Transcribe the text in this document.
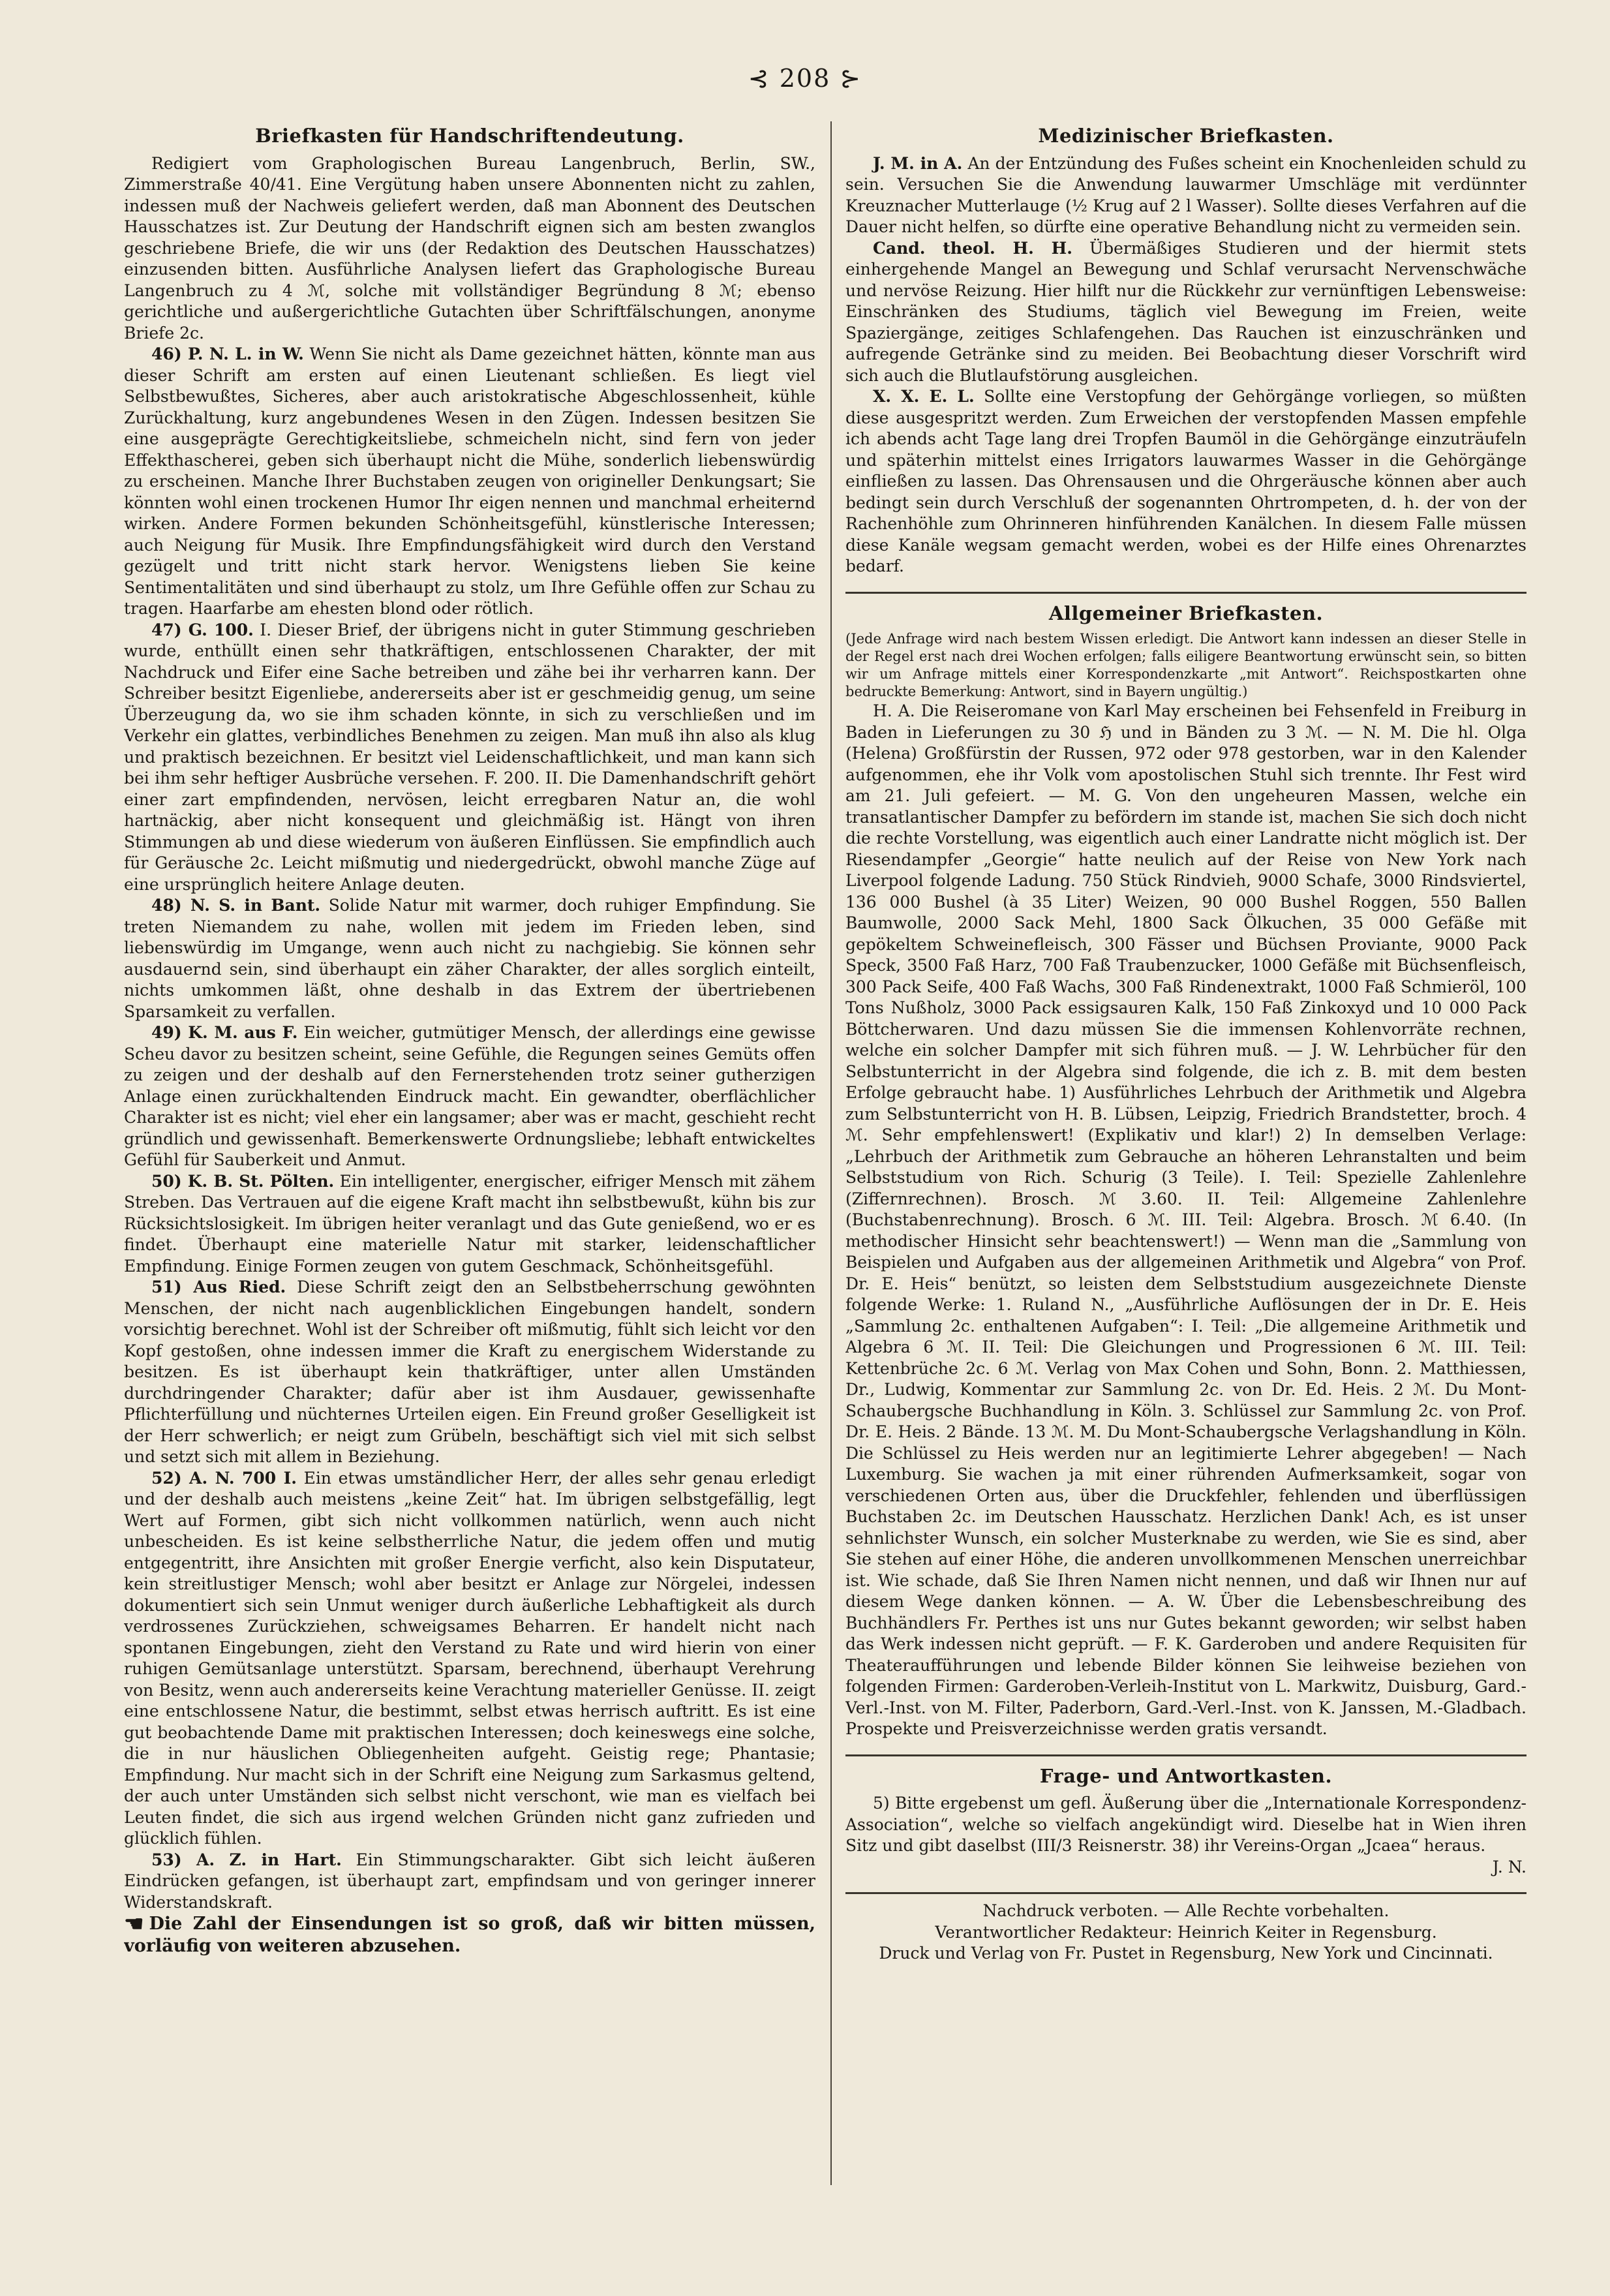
⊰ 208 ⊱
Briefkasten für Handschriftendeutung.

Redigiert vom Graphologischen Bureau Langenbruch, Berlin, SW., Zimmerstraße 40/41. Eine Vergütung haben unsere Abonnenten nicht zu zahlen, indessen muß der Nachweis geliefert werden, daß man Abonnent des Deutschen Hausschatzes ist. Zur Deutung der Handschrift eignen sich am besten zwanglos geschriebene Briefe, die wir uns (der Redaktion des Deutschen Hausschatzes) einzusenden bitten. Ausführliche Analysen liefert das Graphologische Bureau Langenbruch zu 4 ℳ, solche mit vollständiger Begründung 8 ℳ; ebenso gerichtliche und außergerichtliche Gutachten über Schriftfälschungen, anonyme Briefe 2c.

46) P. N. L. in W. Wenn Sie nicht als Dame gezeichnet hätten, könnte man aus dieser Schrift am ersten auf einen Lieutenant schließen. Es liegt viel Selbstbewußtes, Sicheres, aber auch aristokratische Abgeschlossenheit, kühle Zurückhaltung, kurz angebundenes Wesen in den Zügen. Indessen besitzen Sie eine ausgeprägte Gerechtigkeitsliebe, schmeicheln nicht, sind fern von jeder Effekthascherei, geben sich überhaupt nicht die Mühe, sonderlich liebenswürdig zu erscheinen. Manche Ihrer Buchstaben zeugen von origineller Denkungsart; Sie könnten wohl einen trockenen Humor Ihr eigen nennen und manchmal erheiternd wirken. Andere Formen bekunden Schönheitsgefühl, künstlerische Interessen; auch Neigung für Musik. Ihre Empfindungsfähigkeit wird durch den Verstand gezügelt und tritt nicht stark hervor. Wenigstens lieben Sie keine Sentimentalitäten und sind überhaupt zu stolz, um Ihre Gefühle offen zur Schau zu tragen. Haarfarbe am ehesten blond oder rötlich.

47) G. 100. I. Dieser Brief, der übrigens nicht in guter Stimmung geschrieben wurde, enthüllt einen sehr thatkräftigen, entschlossenen Charakter, der mit Nachdruck und Eifer eine Sache betreiben und zähe bei ihr verharren kann. Der Schreiber besitzt Eigenliebe, andererseits aber ist er geschmeidig genug, um seine Überzeugung da, wo sie ihm schaden könnte, in sich zu verschließen und im Verkehr ein glattes, verbindliches Benehmen zu zeigen. Man muß ihn also als klug und praktisch bezeichnen. Er besitzt viel Leidenschaftlichkeit, und man kann sich bei ihm sehr heftiger Ausbrüche versehen. F. 200. II. Die Damenhandschrift gehört einer zart empfindenden, nervösen, leicht erregbaren Natur an, die wohl hartnäckig, aber nicht konsequent und gleichmäßig ist. Hängt von ihren Stimmungen ab und diese wiederum von äußeren Einflüssen. Sie empfindlich auch für Geräusche 2c. Leicht mißmutig und niedergedrückt, obwohl manche Züge auf eine ursprünglich heitere Anlage deuten.

48) N. S. in Bant. Solide Natur mit warmer, doch ruhiger Empfindung. Sie treten Niemandem zu nahe, wollen mit jedem im Frieden leben, sind liebenswürdig im Umgange, wenn auch nicht zu nachgiebig. Sie können sehr ausdauernd sein, sind überhaupt ein zäher Charakter, der alles sorglich einteilt, nichts umkommen läßt, ohne deshalb in das Extrem der übertriebenen Sparsamkeit zu verfallen.

49) K. M. aus F. Ein weicher, gutmütiger Mensch, der allerdings eine gewisse Scheu davor zu besitzen scheint, seine Gefühle, die Regungen seines Gemüts offen zu zeigen und der deshalb auf den Fernerstehenden trotz seiner gutherzigen Anlage einen zurückhaltenden Eindruck macht. Ein gewandter, oberflächlicher Charakter ist es nicht; viel eher ein langsamer; aber was er macht, geschieht recht gründlich und gewissenhaft. Bemerkenswerte Ordnungsliebe; lebhaft entwickeltes Gefühl für Sauberkeit und Anmut.

50) K. B. St. Pölten. Ein intelligenter, energischer, eifriger Mensch mit zähem Streben. Das Vertrauen auf die eigene Kraft macht ihn selbstbewußt, kühn bis zur Rücksichtslosigkeit. Im übrigen heiter veranlagt und das Gute genießend, wo er es findet. Überhaupt eine materielle Natur mit starker, leidenschaftlicher Empfindung. Einige Formen zeugen von gutem Geschmack, Schönheitsgefühl.

51) Aus Ried. Diese Schrift zeigt den an Selbstbeherrschung gewöhnten Menschen, der nicht nach augenblicklichen Eingebungen handelt, sondern vorsichtig berechnet. Wohl ist der Schreiber oft mißmutig, fühlt sich leicht vor den Kopf gestoßen, ohne indessen immer die Kraft zu energischem Widerstande zu besitzen. Es ist überhaupt kein thatkräftiger, unter allen Umständen durchdringender Charakter; dafür aber ist ihm Ausdauer, gewissenhafte Pflichterfüllung und nüchternes Urteilen eigen. Ein Freund großer Geselligkeit ist der Herr schwerlich; er neigt zum Grübeln, beschäftigt sich viel mit sich selbst und setzt sich mit allem in Beziehung.

52) A. N. 700 I. Ein etwas umständlicher Herr, der alles sehr genau erledigt und der deshalb auch meistens „keine Zeit“ hat. Im übrigen selbstgefällig, legt Wert auf Formen, gibt sich nicht vollkommen natürlich, wenn auch nicht unbescheiden. Es ist keine selbstherrliche Natur, die jedem offen und mutig entgegentritt, ihre Ansichten mit großer Energie verficht, also kein Disputateur, kein streitlustiger Mensch; wohl aber besitzt er Anlage zur Nörgelei, indessen dokumentiert sich sein Unmut weniger durch äußerliche Lebhaftigkeit als durch verdrossenes Zurückziehen, schweigsames Beharren. Er handelt nicht nach spontanen Eingebungen, zieht den Verstand zu Rate und wird hierin von einer ruhigen Gemütsanlage unterstützt. Sparsam, berechnend, überhaupt Verehrung von Besitz, wenn auch andererseits keine Verachtung materieller Genüsse. II. zeigt eine entschlossene Natur, die bestimmt, selbst etwas herrisch auftritt. Es ist eine gut beobachtende Dame mit praktischen Interessen; doch keineswegs eine solche, die in nur häuslichen Obliegenheiten aufgeht. Geistig rege; Phantasie; Empfindung. Nur macht sich in der Schrift eine Neigung zum Sarkasmus geltend, der auch unter Umständen sich selbst nicht verschont, wie man es vielfach bei Leuten findet, die sich aus irgend welchen Gründen nicht ganz zufrieden und glücklich fühlen.

53) A. Z. in Hart. Ein Stimmungscharakter. Gibt sich leicht äußeren Eindrücken gefangen, ist überhaupt zart, empfindsam und von geringer innerer Widerstandskraft.

☚ Die Zahl der Einsendungen ist so groß, daß wir bitten müssen, vorläufig von weiteren abzusehen.

Medizinischer Briefkasten.

J. M. in A. An der Entzündung des Fußes scheint ein Knochenleiden schuld zu sein. Versuchen Sie die Anwendung lauwarmer Umschläge mit verdünnter Kreuznacher Mutterlauge (½ Krug auf 2 l Wasser). Sollte dieses Verfahren auf die Dauer nicht helfen, so dürfte eine operative Behandlung nicht zu vermeiden sein.

Cand. theol. H. H. Übermäßiges Studieren und der hiermit stets einhergehende Mangel an Bewegung und Schlaf verursacht Nervenschwäche und nervöse Reizung. Hier hilft nur die Rückkehr zur vernünftigen Lebensweise: Einschränken des Studiums, täglich viel Bewegung im Freien, weite Spaziergänge, zeitiges Schlafengehen. Das Rauchen ist einzuschränken und aufregende Getränke sind zu meiden. Bei Beobachtung dieser Vorschrift wird sich auch die Blutlaufstörung ausgleichen.

X. X. E. L. Sollte eine Verstopfung der Gehörgänge vorliegen, so müßten diese ausgespritzt werden. Zum Erweichen der verstopfenden Massen empfehle ich abends acht Tage lang drei Tropfen Baumöl in die Gehörgänge einzuträufeln und späterhin mittelst eines Irrigators lauwarmes Wasser in die Gehörgänge einfließen zu lassen. Das Ohrensausen und die Ohrgeräusche können aber auch bedingt sein durch Verschluß der sogenannten Ohrtrompeten, d. h. der von der Rachenhöhle zum Ohrinneren hinführenden Kanälchen. In diesem Falle müssen diese Kanäle wegsam gemacht werden, wobei es der Hilfe eines Ohrenarztes bedarf.

Allgemeiner Briefkasten.

(Jede Anfrage wird nach bestem Wissen erledigt. Die Antwort kann indessen an dieser Stelle in der Regel erst nach drei Wochen erfolgen; falls eiligere Beantwortung erwünscht sein, so bitten wir um Anfrage mittels einer Korrespondenzkarte „mit Antwort“. Reichspostkarten ohne bedruckte Bemerkung: Antwort, sind in Bayern ungültig.)

H. A. Die Reiseromane von Karl May erscheinen bei Fehsenfeld in Freiburg in Baden in Lieferungen zu 30 ℌ und in Bänden zu 3 ℳ. — N. M. Die hl. Olga (Helena) Großfürstin der Russen, 972 oder 978 gestorben, war in den Kalender aufgenommen, ehe ihr Volk vom apostolischen Stuhl sich trennte. Ihr Fest wird am 21. Juli gefeiert. — M. G. Von den ungeheuren Massen, welche ein transatlantischer Dampfer zu befördern im stande ist, machen Sie sich doch nicht die rechte Vorstellung, was eigentlich auch einer Landratte nicht möglich ist. Der Riesendampfer „Georgie“ hatte neulich auf der Reise von New York nach Liverpool folgende Ladung. 750 Stück Rindvieh, 9000 Schafe, 3000 Rindsviertel, 136 000 Bushel (à 35 Liter) Weizen, 90 000 Bushel Roggen, 550 Ballen Baumwolle, 2000 Sack Mehl, 1800 Sack Ölkuchen, 35 000 Gefäße mit gepökeltem Schweinefleisch, 300 Fässer und Büchsen Proviante, 9000 Pack Speck, 3500 Faß Harz, 700 Faß Traubenzucker, 1000 Gefäße mit Büchsenfleisch, 300 Pack Seife, 400 Faß Wachs, 300 Faß Rindenextrakt, 1000 Faß Schmieröl, 100 Tons Nußholz, 3000 Pack essigsauren Kalk, 150 Faß Zinkoxyd und 10 000 Pack Böttcherwaren. Und dazu müssen Sie die immensen Kohlenvorräte rechnen, welche ein solcher Dampfer mit sich führen muß. — J. W. Lehrbücher für den Selbstunterricht in der Algebra sind folgende, die ich z. B. mit dem besten Erfolge gebraucht habe. 1) Ausführliches Lehrbuch der Arithmetik und Algebra zum Selbstunterricht von H. B. Lübsen, Leipzig, Friedrich Brandstetter, broch. 4 ℳ. Sehr empfehlenswert! (Explikativ und klar!) 2) In demselben Verlage: „Lehrbuch der Arithmetik zum Gebrauche an höheren Lehranstalten und beim Selbststudium von Rich. Schurig (3 Teile). I. Teil: Spezielle Zahlenlehre (Ziffernrechnen). Brosch. ℳ 3.60. II. Teil: Allgemeine Zahlenlehre (Buchstabenrechnung). Brosch. 6 ℳ. III. Teil: Algebra. Brosch. ℳ 6.40. (In methodischer Hinsicht sehr beachtenswert!) — Wenn man die „Sammlung von Beispielen und Aufgaben aus der allgemeinen Arithmetik und Algebra“ von Prof. Dr. E. Heis“ benützt, so leisten dem Selbststudium ausgezeichnete Dienste folgende Werke: 1. Ruland N., „Ausführliche Auflösungen der in Dr. E. Heis „Sammlung 2c. enthaltenen Aufgaben“: I. Teil: „Die allgemeine Arithmetik und Algebra 6 ℳ. II. Teil: Die Gleichungen und Progressionen 6 ℳ. III. Teil: Kettenbrüche 2c. 6 ℳ. Verlag von Max Cohen und Sohn, Bonn. 2. Matthiessen, Dr., Ludwig, Kommentar zur Sammlung 2c. von Dr. Ed. Heis. 2 ℳ. Du Mont-Schaubergsche Buchhandlung in Köln. 3. Schlüssel zur Sammlung 2c. von Prof. Dr. E. Heis. 2 Bände. 13 ℳ. M. Du Mont-Schaubergsche Verlagshandlung in Köln. Die Schlüssel zu Heis werden nur an legitimierte Lehrer abgegeben! — Nach Luxemburg. Sie wachen ja mit einer rührenden Aufmerksamkeit, sogar von verschiedenen Orten aus, über die Druckfehler, fehlenden und überflüssigen Buchstaben 2c. im Deutschen Hausschatz. Herzlichen Dank! Ach, es ist unser sehnlichster Wunsch, ein solcher Musterknabe zu werden, wie Sie es sind, aber Sie stehen auf einer Höhe, die anderen unvollkommenen Menschen unerreichbar ist. Wie schade, daß Sie Ihren Namen nicht nennen, und daß wir Ihnen nur auf diesem Wege danken können. — A. W. Über die Lebensbeschreibung des Buchhändlers Fr. Perthes ist uns nur Gutes bekannt geworden; wir selbst haben das Werk indessen nicht geprüft. — F. K. Garderoben und andere Requisiten für Theateraufführungen und lebende Bilder können Sie leihweise beziehen von folgenden Firmen: Garderoben-Verleih-Institut von L. Markwitz, Duisburg, Gard.-Verl.-Inst. von M. Filter, Paderborn, Gard.-Verl.-Inst. von K. Janssen, M.-Gladbach. Prospekte und Preisverzeichnisse werden gratis versandt.

Frage- und Antwortkasten.

5) Bitte ergebenst um gefl. Äußerung über die „Internationale Korrespondenz-Association“, welche so vielfach angekündigt wird. Dieselbe hat in Wien ihren Sitz und gibt daselbst (III/3 Reisnerstr. 38) ihr Vereins-Organ „Jcaea“ heraus.

J. N.

Nachdruck verboten. — Alle Rechte vorbehalten.

Verantwortlicher Redakteur: Heinrich Keiter in Regensburg.

Druck und Verlag von Fr. Pustet in Regensburg, New York und Cincinnati.
